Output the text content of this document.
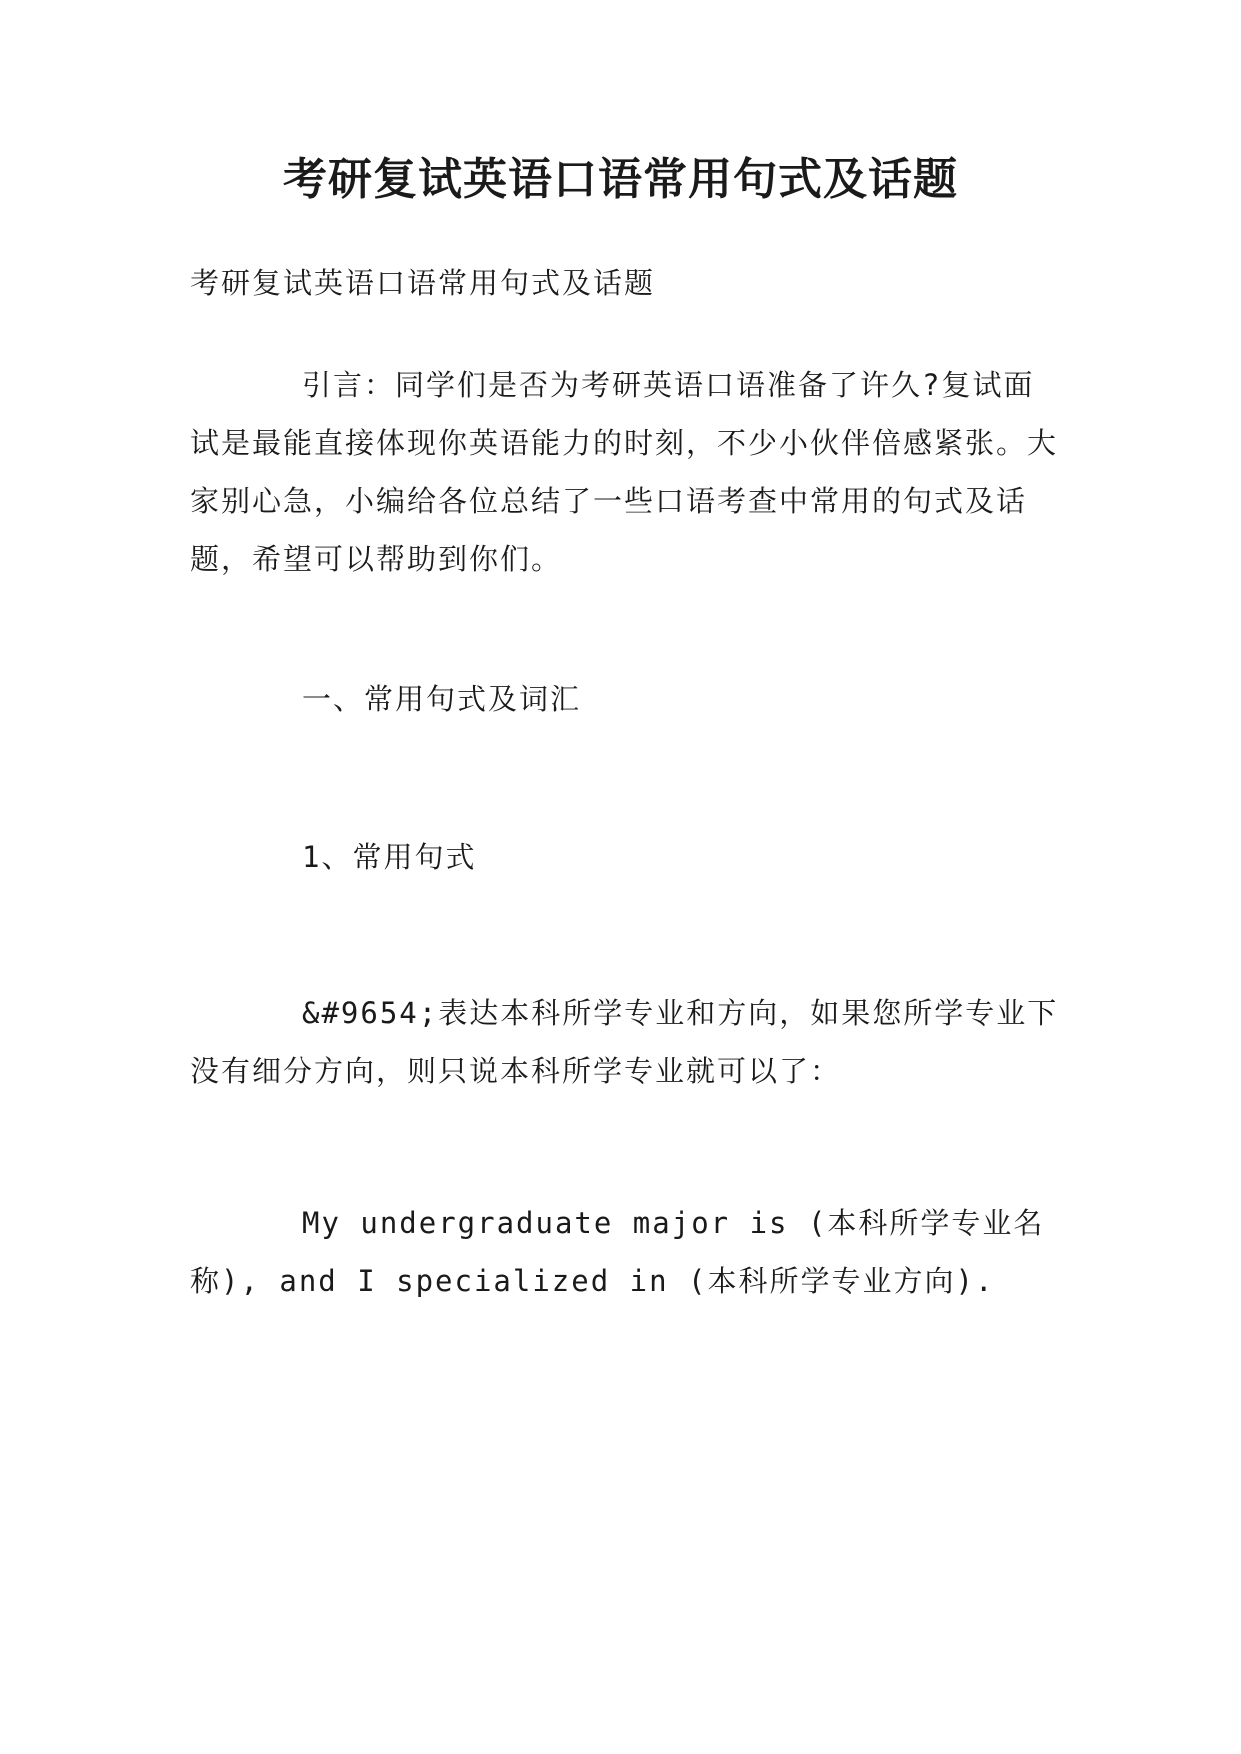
考研复试英语口语常用句式及话题

考研复试英语口语常用句式及话题

引言：同学们是否为考研英语口语准备了许久?复试面试是最能直接体现你英语能力的时刻，不少小伙伴倍感紧张。大家别心急，小编给各位总结了一些口语考查中常用的句式及话题，希望可以帮助到你们。

一、常用句式及词汇

1、常用句式

&#9654;表达本科所学专业和方向，如果您所学专业下没有细分方向，则只说本科所学专业就可以了：

My undergraduate major is (本科所学专业名称), and I specialized in (本科所学专业方向).
